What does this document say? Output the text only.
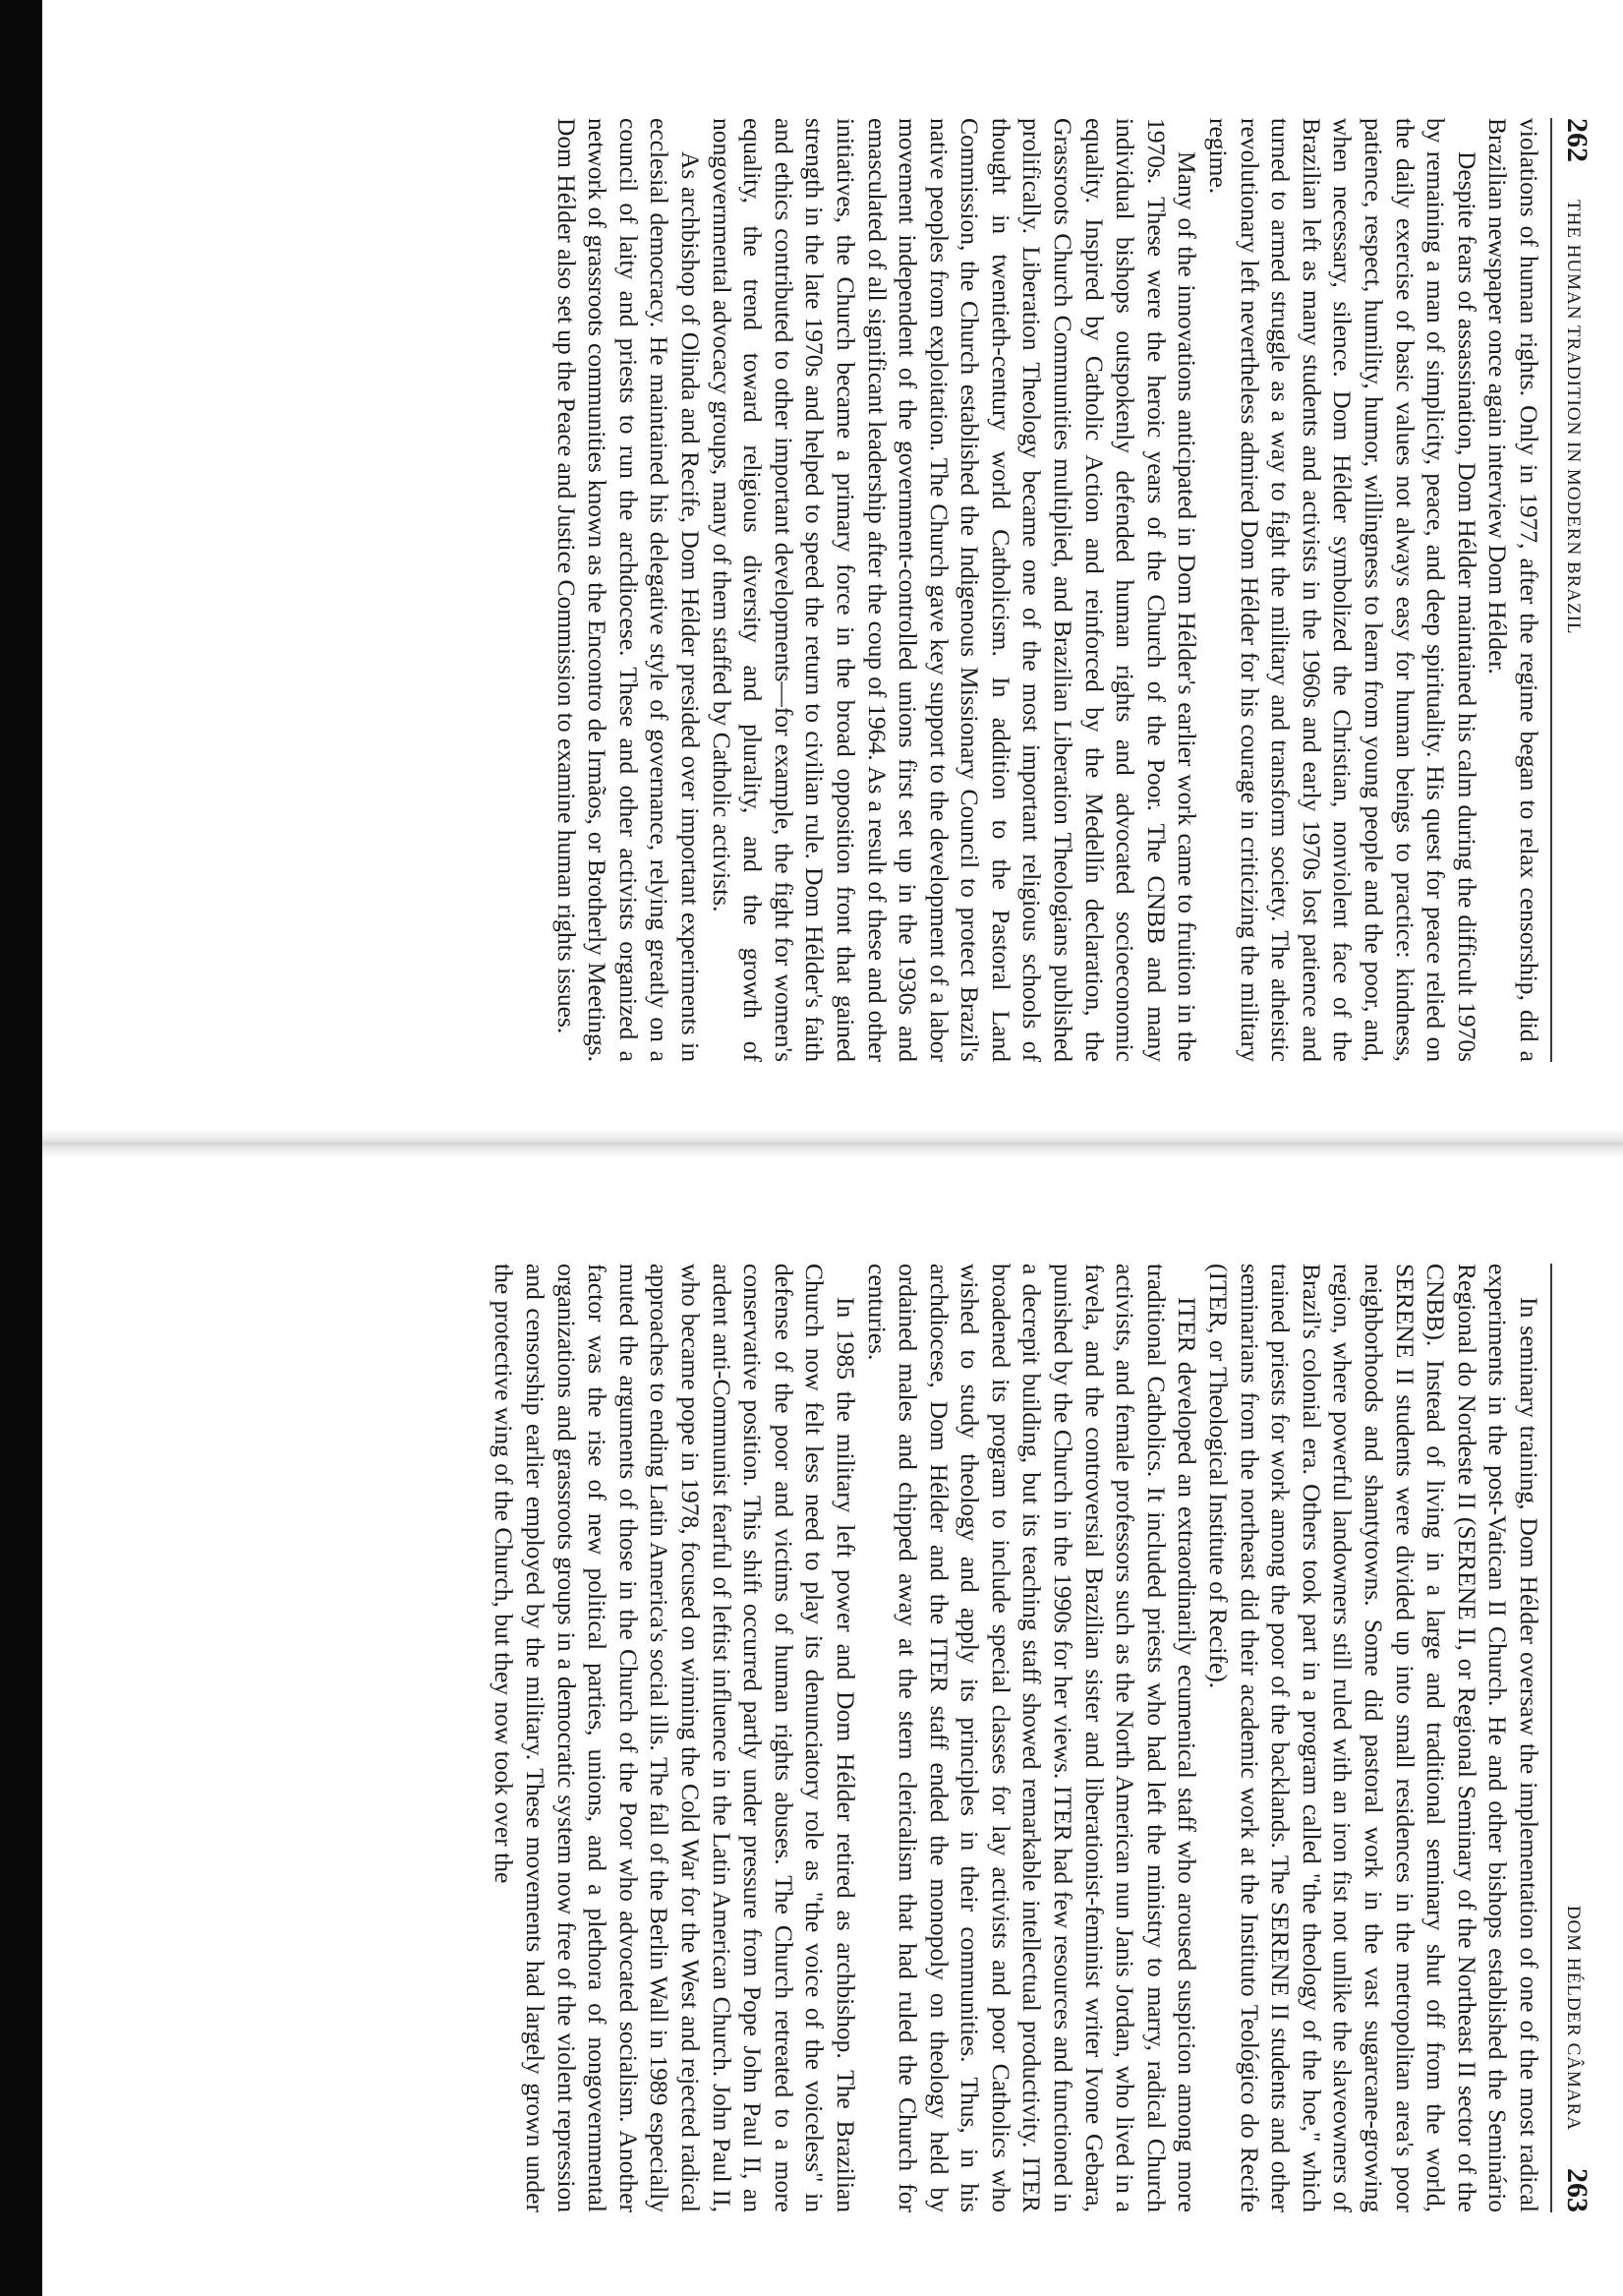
262
THE HUMAN TRADITION IN MODERN BRAZIL

violations of human rights. Only in 1977, after the regime began to relax censorship, did a Brazilian newspaper once again interview Dom Hélder.

Despite fears of assassination, Dom Hélder maintained his calm during the difficult 1970s by remaining a man of simplicity, peace, and deep spirituality. His quest for peace relied on the daily exercise of basic values not always easy for human beings to practice: kindness, patience, respect, humility, humor, willingness to learn from young people and the poor, and, when necessary, silence. Dom Hélder symbolized the Christian, nonviolent face of the Brazilian left as many students and activists in the 1960s and early 1970s lost patience and turned to armed struggle as a way to fight the military and transform society. The atheistic revolutionary left nevertheless admired Dom Hélder for his courage in criticizing the military regime.

Many of the innovations anticipated in Dom Hélder's earlier work came to fruition in the 1970s. These were the heroic years of the Church of the Poor. The CNBB and many individual bishops outspokenly defended human rights and advocated socioeconomic equality. Inspired by Catholic Action and reinforced by the Medellín declaration, the Grassroots Church Communities multiplied, and Brazilian Liberation Theologians published prolifically. Liberation Theology became one of the most important religious schools of thought in twentieth-century world Catholicism. In addition to the Pastoral Land Commission, the Church established the Indigenous Missionary Council to protect Brazil's native peoples from exploitation. The Church gave key support to the development of a labor movement independent of the government-controlled unions first set up in the 1930s and emasculated of all significant leadership after the coup of 1964. As a result of these and other initiatives, the Church became a primary force in the broad opposition front that gained strength in the late 1970s and helped to speed the return to civilian rule. Dom Hélder's faith and ethics contributed to other important developments—for example, the fight for women's equality, the trend toward religious diversity and plurality, and the growth of nongovernmental advocacy groups, many of them staffed by Catholic activists.

As archbishop of Olinda and Recife, Dom Hélder presided over important experiments in ecclesial democracy. He maintained his delegative style of governance, relying greatly on a council of laity and priests to run the archdiocese. These and other activists organized a network of grassroots communities known as the Encontro de Irmãos, or Brotherly Meetings. Dom Hélder also set up the Peace and Justice Commission to examine human rights issues.

DOM HÉLDER CÂMARA
263

In seminary training, Dom Hélder oversaw the implementation of one of the most radical experiments in the post-Vatican II Church. He and other bishops established the Seminário Regional do Nordeste II (SERENE II, or Regional Seminary of the Northeast II sector of the CNBB). Instead of living in a large and traditional seminary shut off from the world, SERENE II students were divided up into small residences in the metropolitan area's poor neighborhoods and shantytowns. Some did pastoral work in the vast sugarcane-growing region, where powerful landowners still ruled with an iron fist not unlike the slaveowners of Brazil's colonial era. Others took part in a program called "the theology of the hoe," which trained priests for work among the poor of the backlands. The SERENE II students and other seminarians from the northeast did their academic work at the Instituto Teológico do Recife (ITER, or Theological Institute of Recife).

ITER developed an extraordinarily ecumenical staff who aroused suspicion among more traditional Catholics. It included priests who had left the ministry to marry, radical Church activists, and female professors such as the North American nun Janis Jordan, who lived in a favela, and the controversial Brazilian sister and liberationist-feminist writer Ivone Gebara, punished by the Church in the 1990s for her views. ITER had few resources and functioned in a decrepit building, but its teaching staff showed remarkable intellectual productivity. ITER broadened its program to include special classes for lay activists and poor Catholics who wished to study theology and apply its principles in their communities. Thus, in his archdiocese, Dom Hélder and the ITER staff ended the monopoly on theology held by ordained males and chipped away at the stern clericalism that had ruled the Church for centuries.

In 1985 the military left power and Dom Hélder retired as archbishop. The Brazilian Church now felt less need to play its denunciatory role as "the voice of the voiceless" in defense of the poor and victims of human rights abuses. The Church retreated to a more conservative position. This shift occurred partly under pressure from Pope John Paul II, an ardent anti-Communist fearful of leftist influence in the Latin American Church. John Paul II, who became pope in 1978, focused on winning the Cold War for the West and rejected radical approaches to ending Latin America's social ills. The fall of the Berlin Wall in 1989 especially muted the arguments of those in the Church of the Poor who advocated socialism. Another factor was the rise of new political parties, unions, and a plethora of nongovernmental organizations and grassroots groups in a democratic system now free of the violent repression and censorship earlier employed by the military. These movements had largely grown under the protective wing of the Church, but they now took over the
